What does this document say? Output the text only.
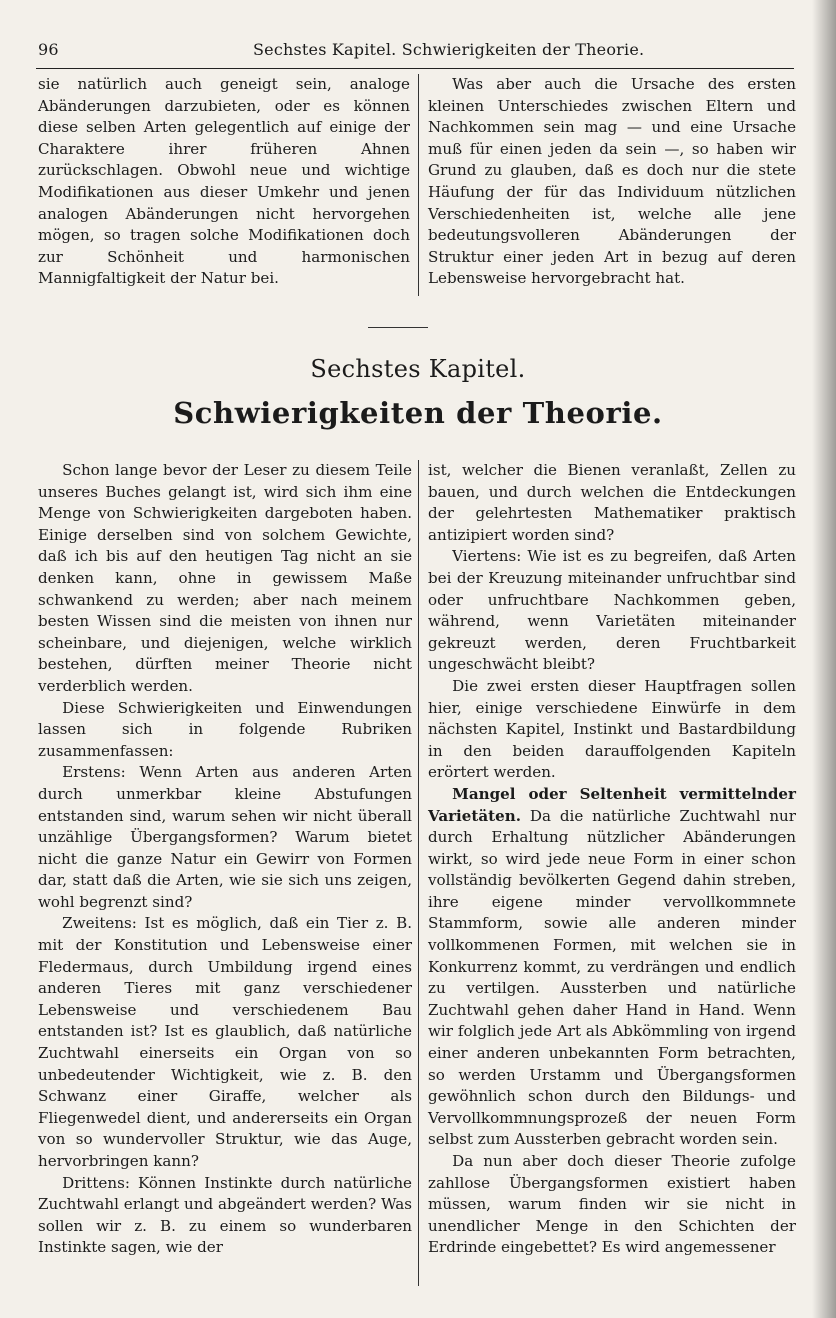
96	Sechstes Kapitel. Schwierigkeiten der Theorie.

sie natürlich auch geneigt sein, analoge Abänderungen darzubieten, oder es können diese selben Arten gelegentlich auf einige der Charaktere ihrer früheren Ahnen zurückschlagen. Obwohl neue und wichtige Modifikationen aus dieser Umkehr und jenen analogen Abänderungen nicht hervorgehen mögen, so tragen solche Modifikationen doch zur Schönheit und harmonischen Mannigfaltigkeit der Natur bei.

Was aber auch die Ursache des ersten kleinen Unterschiedes zwischen Eltern und Nachkommen sein mag — und eine Ursache muß für einen jeden da sein —, so haben wir Grund zu glauben, daß es doch nur die stete Häufung der für das Individuum nützlichen Verschiedenheiten ist, welche alle jene bedeutungsvolleren Abänderungen der Struktur einer jeden Art in bezug auf deren Lebensweise hervorgebracht hat.

Sechstes Kapitel.
Schwierigkeiten der Theorie.

Schon lange bevor der Leser zu diesem Teile unseres Buches gelangt ist, wird sich ihm eine Menge von Schwierigkeiten dargeboten haben. Einige derselben sind von solchem Gewichte, daß ich bis auf den heutigen Tag nicht an sie denken kann, ohne in gewissem Maße schwankend zu werden; aber nach meinem besten Wissen sind die meisten von ihnen nur scheinbare, und diejenigen, welche wirklich bestehen, dürften meiner Theorie nicht verderblich werden.

Diese Schwierigkeiten und Einwendungen lassen sich in folgende Rubriken zusammenfassen:

Erstens: Wenn Arten aus anderen Arten durch unmerkbar kleine Abstufungen entstanden sind, warum sehen wir nicht überall unzählige Übergangsformen? Warum bietet nicht die ganze Natur ein Gewirr von Formen dar, statt daß die Arten, wie sie sich uns zeigen, wohl begrenzt sind?

Zweitens: Ist es möglich, daß ein Tier z. B. mit der Konstitution und Lebensweise einer Fledermaus, durch Umbildung irgend eines anderen Tieres mit ganz verschiedener Lebensweise und verschiedenem Bau entstanden ist? Ist es glaublich, daß natürliche Zuchtwahl einerseits ein Organ von so unbedeutender Wichtigkeit, wie z. B. den Schwanz einer Giraffe, welcher als Fliegenwedel dient, und andererseits ein Organ von so wundervoller Struktur, wie das Auge, hervorbringen kann?

Drittens: Können Instinkte durch natürliche Zuchtwahl erlangt und abgeändert werden? Was sollen wir z. B. zu einem so wunderbaren Instinkte sagen, wie der

ist, welcher die Bienen veranlaßt, Zellen zu bauen, und durch welchen die Entdeckungen der gelehrtesten Mathematiker praktisch antizipiert worden sind?

Viertens: Wie ist es zu begreifen, daß Arten bei der Kreuzung miteinander unfruchtbar sind oder unfruchtbare Nachkommen geben, während, wenn Varietäten miteinander gekreuzt werden, deren Fruchtbarkeit ungeschwächt bleibt?

Die zwei ersten dieser Hauptfragen sollen hier, einige verschiedene Einwürfe in dem nächsten Kapitel, Instinkt und Bastardbildung in den beiden darauffolgenden Kapiteln erörtert werden.

Mangel oder Seltenheit vermittelnder Varietäten. Da die natürliche Zuchtwahl nur durch Erhaltung nützlicher Abänderungen wirkt, so wird jede neue Form in einer schon vollständig bevölkerten Gegend dahin streben, ihre eigene minder vervollkommnete Stammform, sowie alle anderen minder vollkommenen Formen, mit welchen sie in Konkurrenz kommt, zu verdrängen und endlich zu vertilgen. Aussterben und natürliche Zuchtwahl gehen daher Hand in Hand. Wenn wir folglich jede Art als Abkömmling von irgend einer anderen unbekannten Form betrachten, so werden Urstamm und Übergangsformen gewöhnlich schon durch den Bildungs- und Vervollkommnungsprozeß der neuen Form selbst zum Aussterben gebracht worden sein.

Da nun aber doch dieser Theorie zufolge zahllose Übergangsformen existiert haben müssen, warum finden wir sie nicht in unendlicher Menge in den Schichten der Erdrinde eingebettet? Es wird angemessener
